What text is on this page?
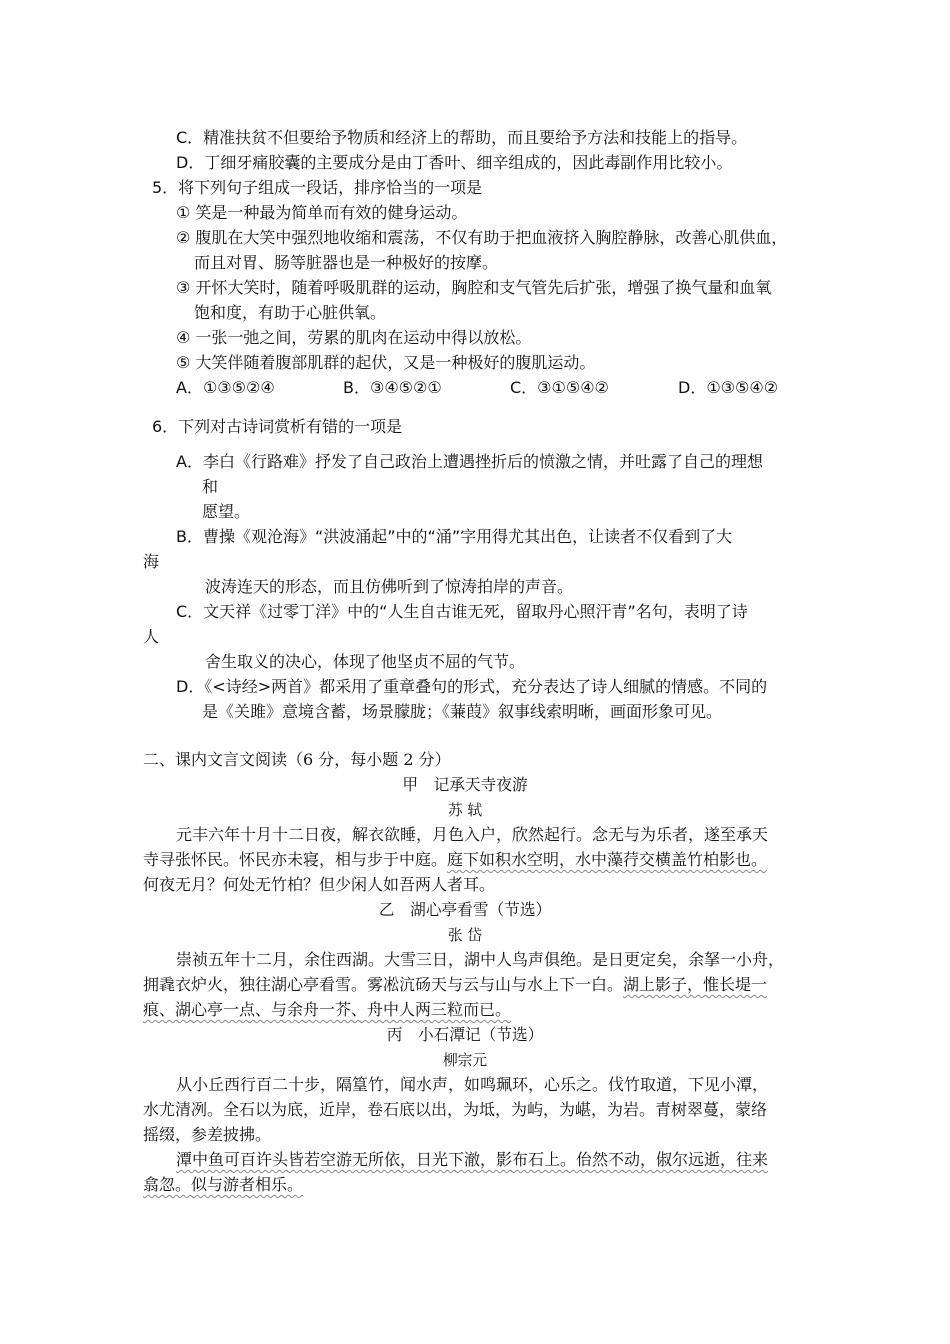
C．精准扶贫不但要给予物质和经济上的帮助，而且要给予方法和技能上的指导。
D．丁细牙痛胶囊的主要成分是由丁香叶、细辛组成的，因此毒副作用比较小。
5．将下列句子组成一段话，排序恰当的一项是
① 笑是一种最为简单而有效的健身运动。
② 腹肌在大笑中强烈地收缩和震荡，不仅有助于把血液挤入胸腔静脉，改善心肌供血，
而且对胃、肠等脏器也是一种极好的按摩。
③ 开怀大笑时，随着呼吸肌群的运动，胸腔和支气管先后扩张，增强了换气量和血氧
饱和度，有助于心脏供氧。
④ 一张一弛之间，劳累的肌肉在运动中得以放松。
⑤ 大笑伴随着腹部肌群的起伏，又是一种极好的腹肌运动。
A．①③⑤②④	B．③④⑤②①	C．③①⑤④②	D．①③⑤④②
6．下列对古诗词赏析有错的一项是
A．李白《行路难》抒发了自己政治上遭遇挫折后的愤激之情，并吐露了自己的理想
和
愿望。
B．曹操《观沧海》“洪波涌起”中的“涌”字用得尤其出色，让读者不仅看到了大
海
波涛连天的形态，而且仿佛听到了惊涛拍岸的声音。
C．文天祥《过零丁洋》中的“人生自古谁无死，留取丹心照汗青”名句，表明了诗
人
舍生取义的决心，体现了他坚贞不屈的气节。
D．《<诗经>两首》都采用了重章叠句的形式，充分表达了诗人细腻的情感。不同的
是《关雎》意境含蓄，场景朦胧；《蒹葭》叙事线索明晰，画面形象可见。
二、课内文言文阅读（6 分，每小题 2 分）
甲　记承天寺夜游
苏 轼
元丰六年十月十二日夜，解衣欲睡，月色入户，欣然起行。念无与为乐者，遂至承天
寺寻张怀民。怀民亦未寝，相与步于中庭。庭下如积水空明，水中藻荇交横盖竹柏影也。
何夜无月？何处无竹柏？但少闲人如吾两人者耳。
乙　湖心亭看雪（节选）
张 岱
崇祯五年十二月，余住西湖。大雪三日，湖中人鸟声俱绝。是日更定矣，余拏一小舟，
拥毳衣炉火，独往湖心亭看雪。雾凇沆砀天与云与山与水上下一白。湖上影子，惟长堤一
痕、湖心亭一点、与余舟一芥、舟中人两三粒而已。
丙　小石潭记（节选）
柳宗元
从小丘西行百二十步，隔篁竹，闻水声，如鸣珮环，心乐之。伐竹取道，下见小潭，
水尤清冽。全石以为底，近岸，卷石底以出，为坻，为屿，为嵁，为岩。青树翠蔓，蒙络
摇缀，参差披拂。
潭中鱼可百许头皆若空游无所依，日光下澈，影布石上。佁然不动，俶尔远逝，往来
翕忽。似与游者相乐。
